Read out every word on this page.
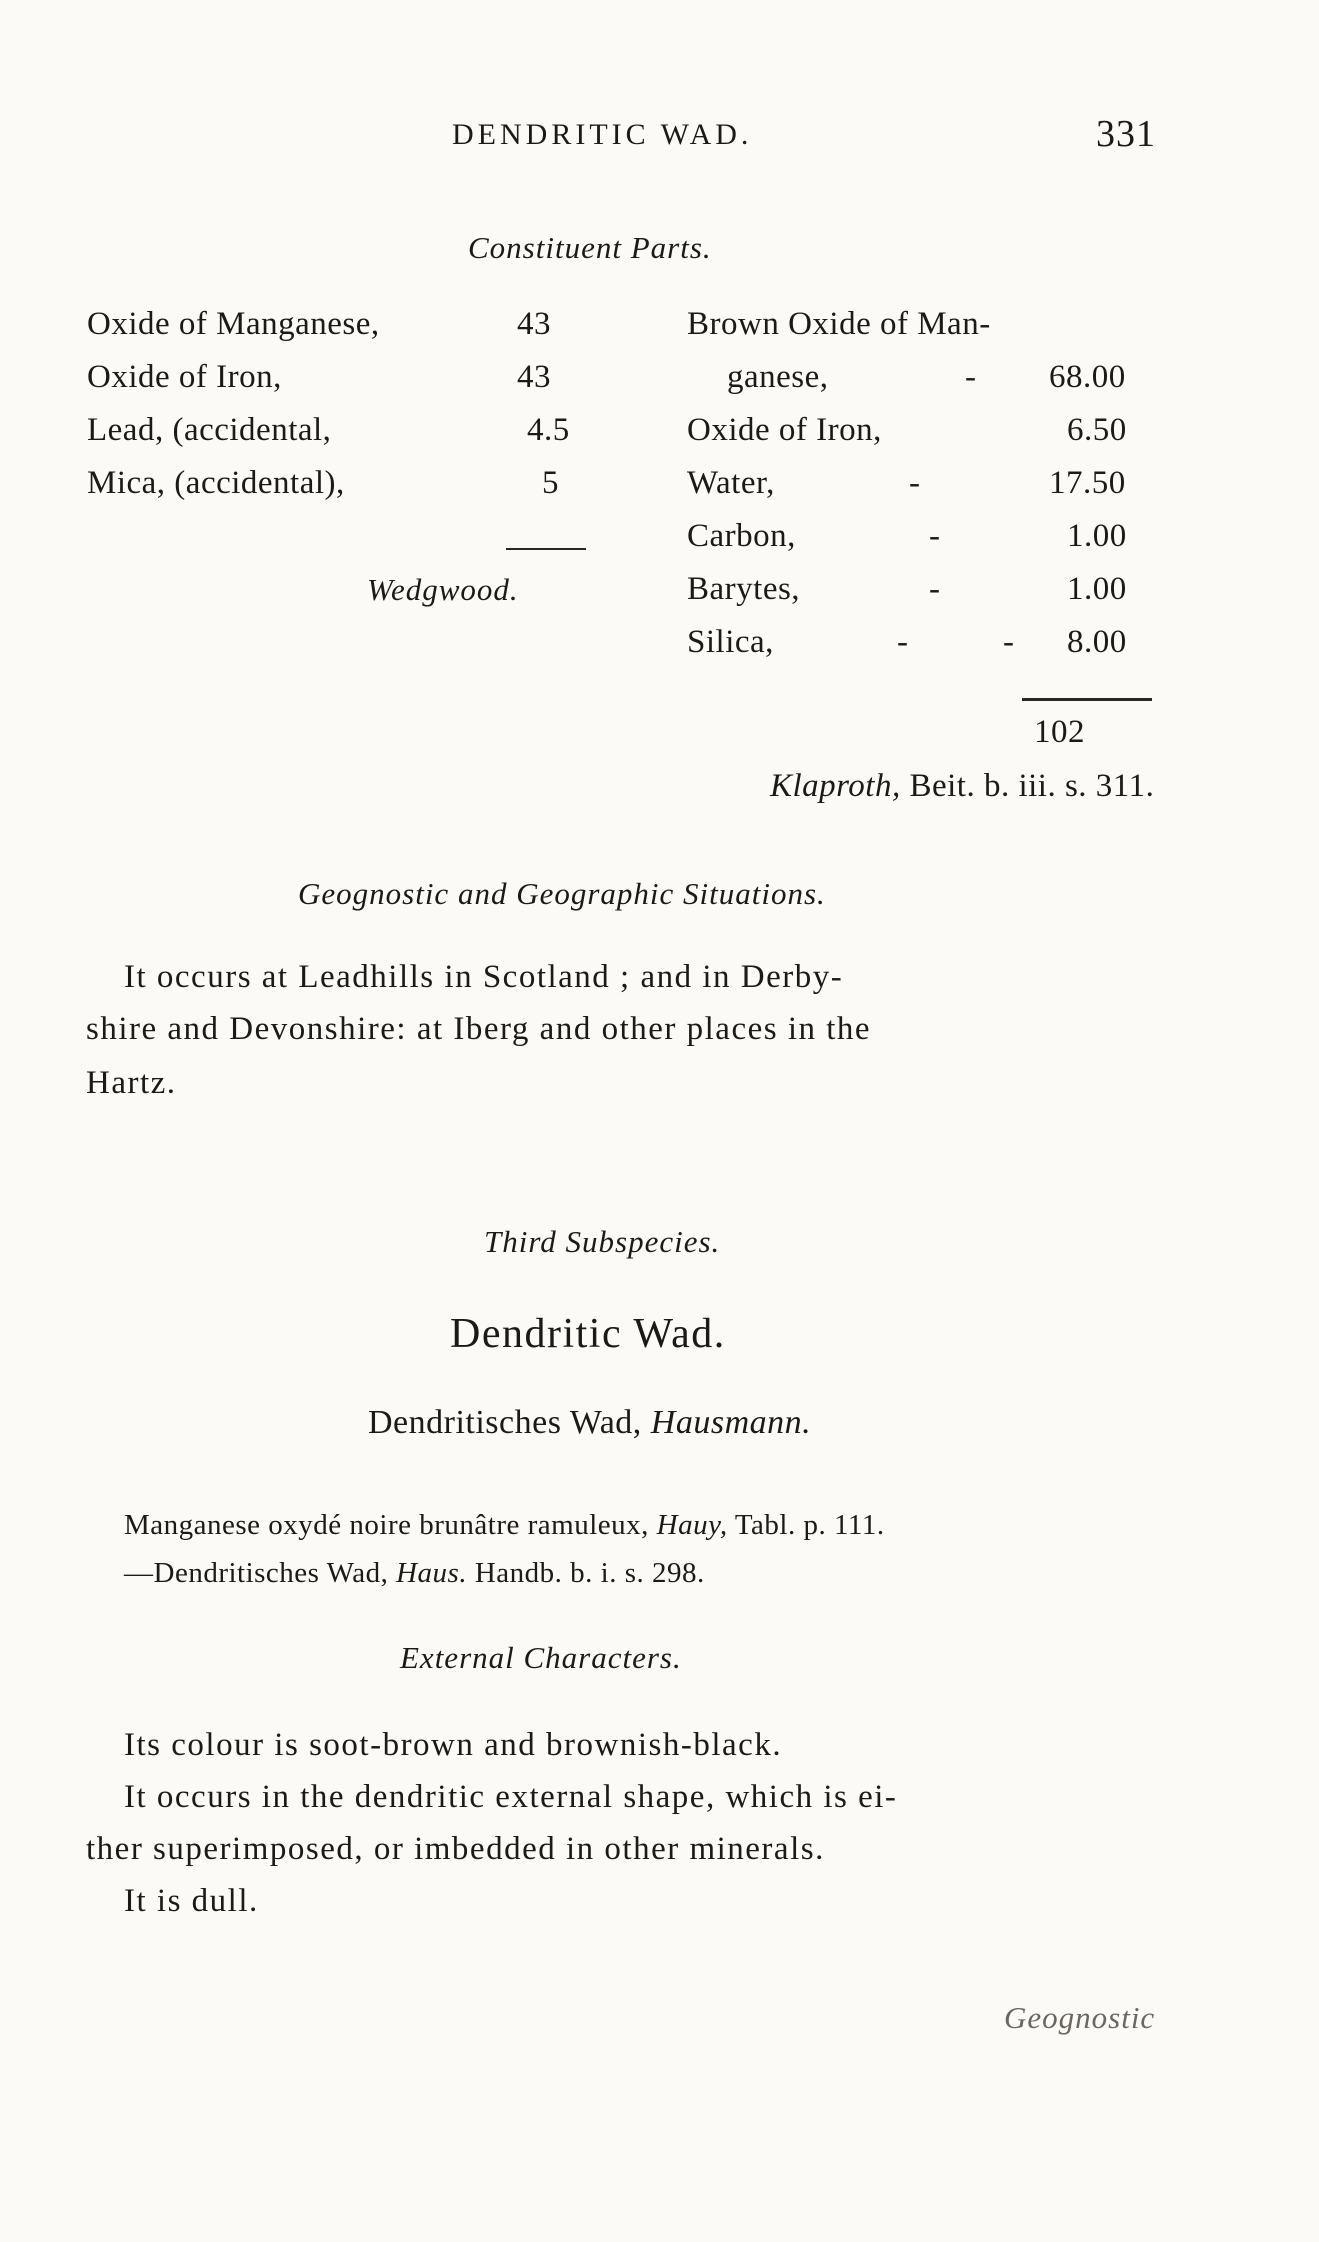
DENDRITIC WAD.	331
Constituent Parts.
Oxide of Manganese,	43
Oxide of Iron,	43
Lead, (accidental,	4.5
Mica, (accidental),	5
Wedgwood.
Brown Oxide of Man-
ganese,	- 68.00
Oxide of Iron,	6.50
Water,	-	17.50
Carbon,	-	1.00
Barytes,	-	1.00
Silica,	-	- 8.00
102
Klaproth, Beit. b. iii. s. 311.
Geognostic and Geographic Situations.
It occurs at Leadhills in Scotland ; and in Derby-
shire and Devonshire: at Iberg and other places in the
Hartz.
Third Subspecies.
Dendritic Wad.
Dendritisches Wad, Hausmann.
Manganese oxydé noire brunâtre ramuleux, Hauy, Tabl. p. 111.
—Dendritisches Wad, Haus. Handb. b. i. s. 298.
External Characters.
Its colour is soot-brown and brownish-black.
It occurs in the dendritic external shape, which is ei-
ther superimposed, or imbedded in other minerals.
It is dull.
Geognostic
